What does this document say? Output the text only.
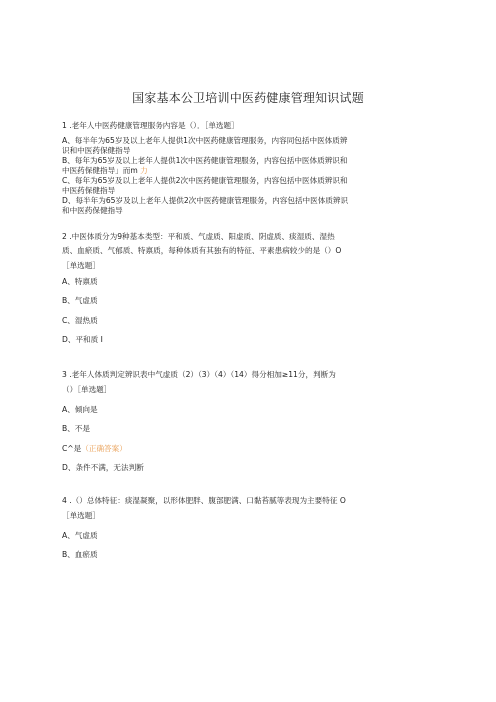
国家基本公卫培训中医药健康管理知识试题
1 .老年人中医药健康管理服务内容是（）．［单选题］
A、每半年为65岁及以上老年人提供1次中医药健康管理服务，内容同包括中医体质辨
识和中医药保健指导
B、每年为65岁及以上老年人提供1次中医药健康管理服务，内容包括中医体质辨识和
中医药保健指导」而m 力
C、每年为65岁及以上老年人提供2次中医药健康管理服务，内容包括中医体质辨识和
中医药保健指导
D、每半年为65岁及以上老年人提供2次中医药健康管理服务，内容包括中医体质辨识
和中医药保健指导
2 .中医体质分为9种基本类型：平和质、气虚质、阳虚质、阴虚质、痰湿质、湿热
质、血瘀质、气郁质、特禀质，每种体质有其独有的特征、平素患病较少的是（）O
［单选题］
A、特禀质
B、气虚质
C、湿热质
D、平和质 I
3 .老年人体质判定辨识表中气虚质（2）（3）（4）（14）得分相加≥11分，判断为
（）［单选题］
A、倾向是
B、不是
C^是（正确答案）
D、条件不满，无法判断
4 .（）总体特征：痰湿凝聚，以形体肥胖、腹部肥满、口黏苔腻等表现为主要特征 O
［单选题］
A、气虚质
B、血瘀质
